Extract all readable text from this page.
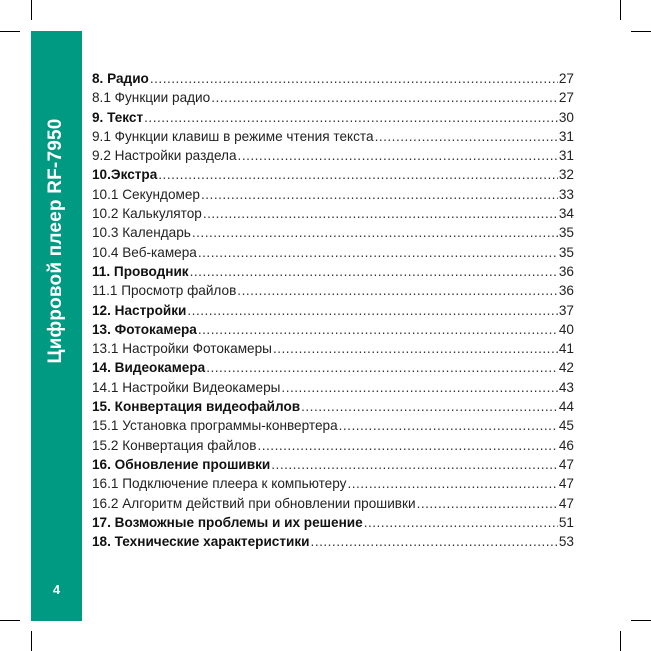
Цифровой плеер RF-7950
4
8. Радио .....	27
8.1 Функции радио .....	27
9. Текст .....	30
9.1 Функции клавиш в режиме чтения текста .....	31
9.2 Настройки раздела .....	31
10.Экстра .....	32
10.1 Секундомер .....	33
10.2 Калькулятор .....	34
10.3 Календарь .....	35
10.4 Веб-камера .....	35
11. Проводник .....	36
11.1 Просмотр файлов .....	36
12. Настройки .....	37
13. Фотокамера .....	40
13.1 Настройки Фотокамеры .....	41
14. Видеокамера .....	42
14.1 Настройки Видеокамеры .....	43
15. Конвертация видеофайлов .....	44
15.1 Установка программы-конвертера .....	45
15.2 Конвертация файлов .....	46
16. Обновление прошивки .....	47
16.1 Подключение плеера к компьютеру .....	47
16.2 Алгоритм действий при обновлении прошивки .....	47
17. Возможные проблемы и их решение .....	51
18. Технические характеристики .....	53
